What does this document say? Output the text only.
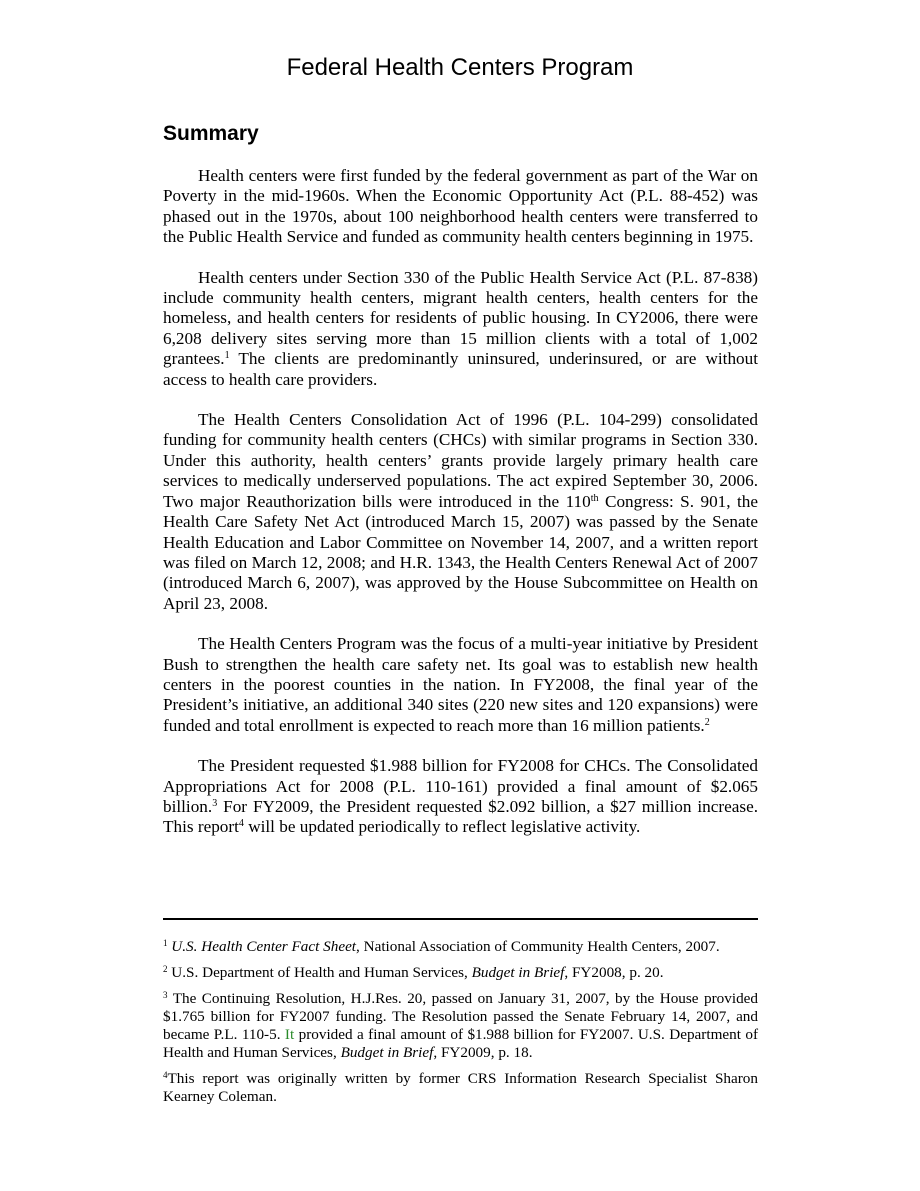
Federal Health Centers Program
Summary

Health centers were first funded by the federal government as part of the War on Poverty in the mid-1960s. When the Economic Opportunity Act (P.L. 88-452) was phased out in the 1970s, about 100 neighborhood health centers were transferred to the Public Health Service and funded as community health centers beginning in 1975.

Health centers under Section 330 of the Public Health Service Act (P.L. 87-838) include community health centers, migrant health centers, health centers for the homeless, and health centers for residents of public housing. In CY2006, there were 6,208 delivery sites serving more than 15 million clients with a total of 1,002 grantees.$^1$ The clients are predominantly uninsured, underinsured, or are without access to health care providers.

The Health Centers Consolidation Act of 1996 (P.L. 104-299) consolidated funding for community health centers (CHCs) with similar programs in Section 330. Under this authority, health centers’ grants provide largely primary health care services to medically underserved populations. The act expired September 30, 2006. Two major Reauthorization bills were introduced in the 110th Congress: S. 901, the Health Care Safety Net Act (introduced March 15, 2007) was passed by the Senate Health Education and Labor Committee on November 14, 2007, and a written report was filed on March 12, 2008; and H.R. 1343, the Health Centers Renewal Act of 2007 (introduced March 6, 2007), was approved by the House Subcommittee on Health on April 23, 2008.

The Health Centers Program was the focus of a multi-year initiative by President Bush to strengthen the health care safety net. Its goal was to establish new health centers in the poorest counties in the nation. In FY2008, the final year of the President’s initiative, an additional 340 sites (220 new sites and 120 expansions) were funded and total enrollment is expected to reach more than 16 million patients.$^2$

The President requested $1.988 billion for FY2008 for CHCs. The Consolidated Appropriations Act for 2008 (P.L. 110-161) provided a final amount of $2.065 billion.$^3$ For FY2009, the President requested $2.092 billion, a $27 million increase. This report$^4$ will be updated periodically to reflect legislative activity.

$^1$ U.S. Health Center Fact Sheet, National Association of Community Health Centers, 2007.

$^2$ U.S. Department of Health and Human Services, Budget in Brief, FY2008, p. 20.

$^3$ The Continuing Resolution, H.J.Res. 20, passed on January 31, 2007, by the House provided $1.765 billion for FY2007 funding. The Resolution passed the Senate February 14, 2007, and became P.L. 110-5. It provided a final amount of $1.988 billion for FY2007. U.S. Department of Health and Human Services, Budget in Brief, FY2009, p. 18.

$^4$This report was originally written by former CRS Information Research Specialist Sharon Kearney Coleman.
